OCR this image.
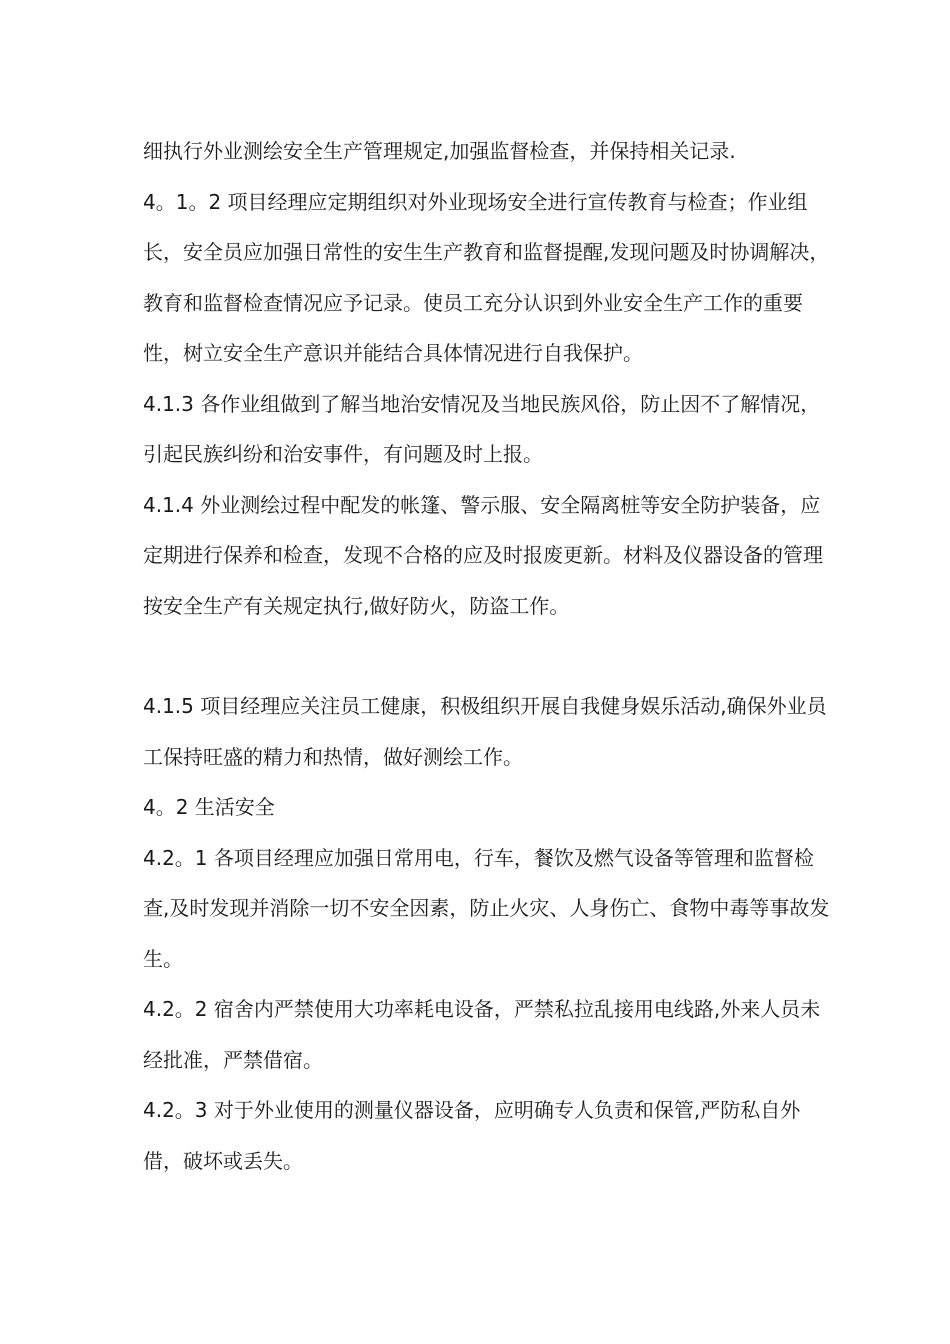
细执行外业测绘安全生产管理规定,加强监督检查，并保持相关记录.

4。1。2 项目经理应定期组织对外业现场安全进行宣传教育与检查；作业组长，安全员应加强日常性的安生生产教育和监督提醒,发现问题及时协调解决，教育和监督检查情况应予记录。使员工充分认识到外业安全生产工作的重要性，树立安全生产意识并能结合具体情况进行自我保护。

4.1.3 各作业组做到了解当地治安情况及当地民族风俗，防止因不了解情况，引起民族纠纷和治安事件，有问题及时上报。

4.1.4 外业测绘过程中配发的帐篷、警示服、安全隔离桩等安全防护装备，应定期进行保养和检查，发现不合格的应及时报废更新。材料及仪器设备的管理按安全生产有关规定执行,做好防火，防盗工作。

4.1.5 项目经理应关注员工健康，积极组织开展自我健身娱乐活动,确保外业员工保持旺盛的精力和热情，做好测绘工作。

4。2 生活安全

4.2。1 各项目经理应加强日常用电，行车，餐饮及燃气设备等管理和监督检查,及时发现并消除一切不安全因素，防止火灾、人身伤亡、食物中毒等事故发生。

4.2。2 宿舍内严禁使用大功率耗电设备，严禁私拉乱接用电线路,外来人员未经批准，严禁借宿。

4.2。3 对于外业使用的测量仪器设备，应明确专人负责和保管,严防私自外借，破坏或丢失。
